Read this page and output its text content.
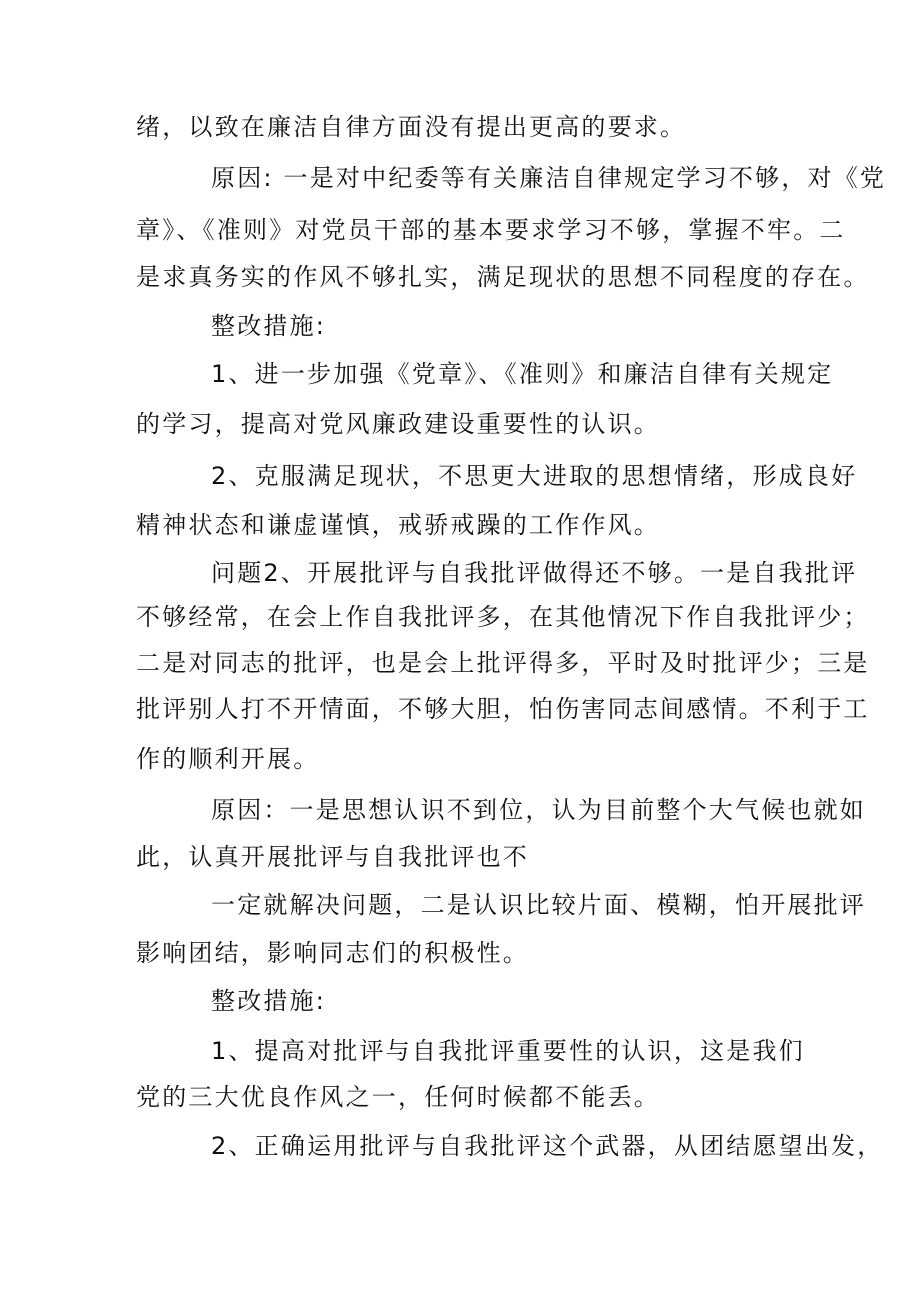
绪，以致在廉洁自律方面没有提出更高的要求。
原因: 一是对中纪委等有关廉洁自律规定学习不够，对《党
章》、《准则》对党员干部的基本要求学习不够，掌握不牢。二
是求真务实的作风不够扎实，满足现状的思想不同程度的存在。
整改措施:
1、进一步加强《党章》、《准则》和廉洁自律有关规定
的学习，提高对党风廉政建设重要性的认识。
2、克服满足现状，不思更大进取的思想情绪，形成良好
精神状态和谦虚谨慎，戒骄戒躁的工作作风。
问题2、开展批评与自我批评做得还不够。一是自我批评
不够经常，在会上作自我批评多，在其他情况下作自我批评少；
二是对同志的批评，也是会上批评得多，平时及时批评少；三是
批评别人打不开情面，不够大胆，怕伤害同志间感情。不利于工
作的顺利开展。
原因：一是思想认识不到位，认为目前整个大气候也就如
此，认真开展批评与自我批评也不
一定就解决问题，二是认识比较片面、模糊，怕开展批评
影响团结，影响同志们的积极性。
整改措施:
1、提高对批评与自我批评重要性的认识，这是我们
党的三大优良作风之一，任何时候都不能丢。
2、正确运用批评与自我批评这个武器，从团结愿望出发，
